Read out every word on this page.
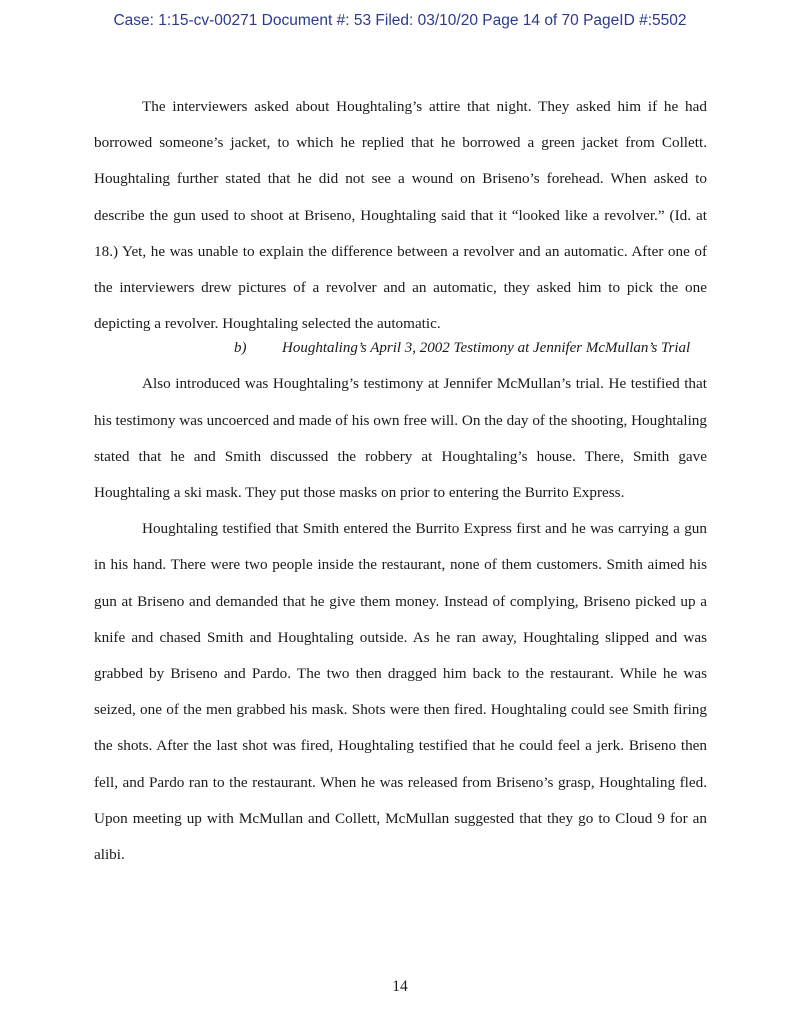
Case: 1:15-cv-00271 Document #: 53 Filed: 03/10/20 Page 14 of 70 PageID #:5502

The interviewers asked about Houghtaling’s attire that night. They asked him if he had borrowed someone’s jacket, to which he replied that he borrowed a green jacket from Collett. Houghtaling further stated that he did not see a wound on Briseno’s forehead. When asked to describe the gun used to shoot at Briseno, Houghtaling said that it “looked like a revolver.” (Id. at 18.) Yet, he was unable to explain the difference between a revolver and an automatic. After one of the interviewers drew pictures of a revolver and an automatic, they asked him to pick the one depicting a revolver. Houghtaling selected the automatic.

b)	Houghtaling’s April 3, 2002 Testimony at Jennifer McMullan’s Trial

Also introduced was Houghtaling’s testimony at Jennifer McMullan’s trial. He testified that his testimony was uncoerced and made of his own free will. On the day of the shooting, Houghtaling stated that he and Smith discussed the robbery at Houghtaling’s house. There, Smith gave Houghtaling a ski mask. They put those masks on prior to entering the Burrito Express.

Houghtaling testified that Smith entered the Burrito Express first and he was carrying a gun in his hand. There were two people inside the restaurant, none of them customers. Smith aimed his gun at Briseno and demanded that he give them money. Instead of complying, Briseno picked up a knife and chased Smith and Houghtaling outside. As he ran away, Houghtaling slipped and was grabbed by Briseno and Pardo. The two then dragged him back to the restaurant. While he was seized, one of the men grabbed his mask. Shots were then fired. Houghtaling could see Smith firing the shots. After the last shot was fired, Houghtaling testified that he could feel a jerk. Briseno then fell, and Pardo ran to the restaurant. When he was released from Briseno’s grasp, Houghtaling fled. Upon meeting up with McMullan and Collett, McMullan suggested that they go to Cloud 9 for an alibi.

14
